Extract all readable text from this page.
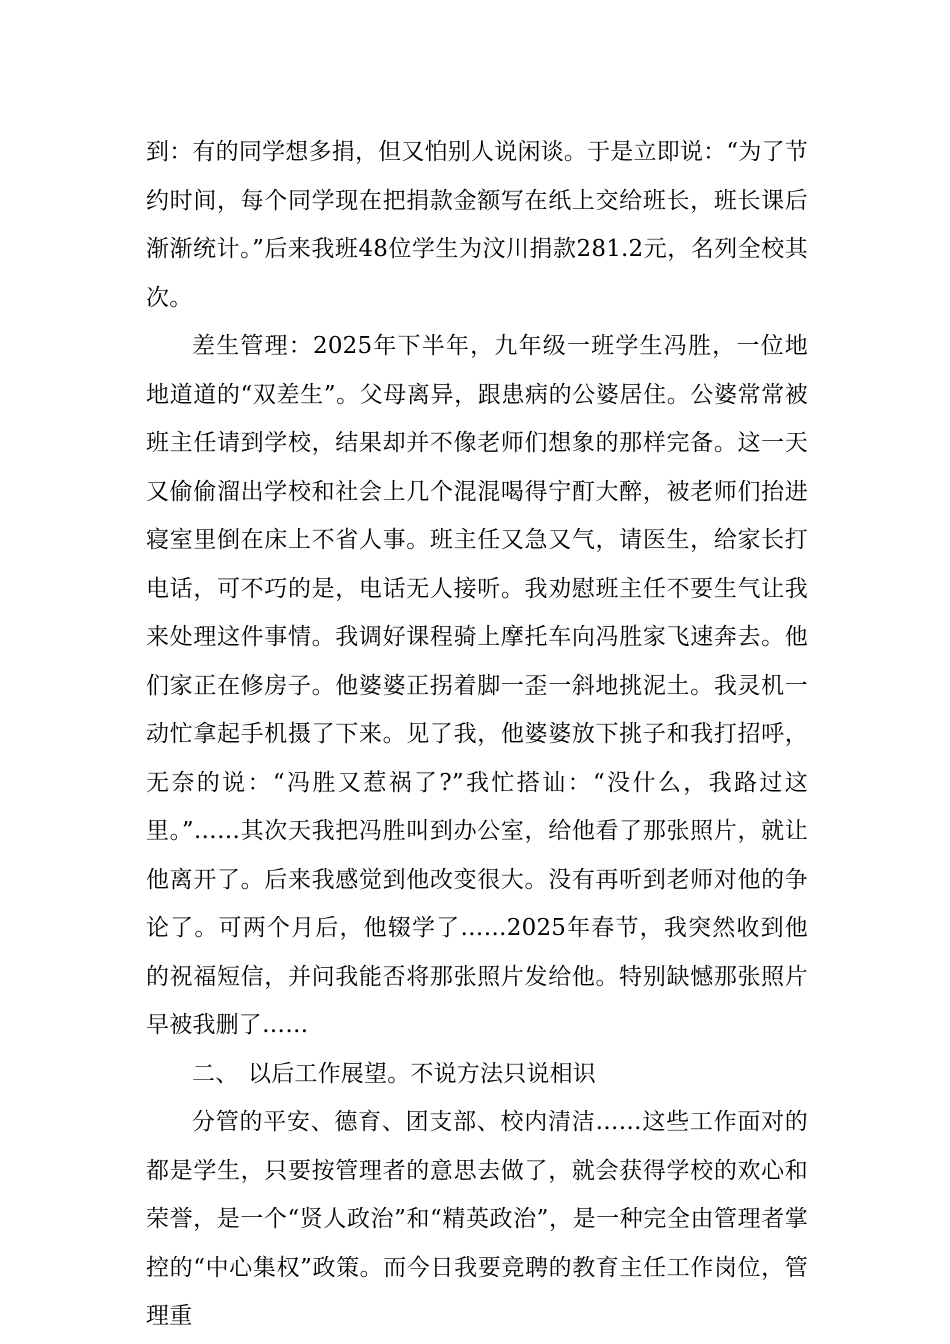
到：有的同学想多捐，但又怕别人说闲谈。于是立即说：“为了节约时间，每个同学现在把捐款金额写在纸上交给班长，班长课后渐渐统计。”后来我班48位学生为汶川捐款281.2元，名列全校其次。

差生管理：2025年下半年，九年级一班学生冯胜，一位地地道道的“双差生”。父母离异，跟患病的公婆居住。公婆常常被班主任请到学校，结果却并不像老师们想象的那样完备。这一天又偷偷溜出学校和社会上几个混混喝得宁酊大醉，被老师们抬进寝室里倒在床上不省人事。班主任又急又气，请医生，给家长打电话，可不巧的是，电话无人接听。我劝慰班主任不要生气让我来处理这件事情。我调好课程骑上摩托车向冯胜家飞速奔去。他们家正在修房子。他婆婆正拐着脚一歪一斜地挑泥土。我灵机一动忙拿起手机摄了下来。见了我，他婆婆放下挑子和我打招呼，无奈的说：“冯胜又惹祸了?”我忙搭讪：“没什么，我路过这里。”……其次天我把冯胜叫到办公室，给他看了那张照片，就让他离开了。后来我感觉到他改变很大。没有再听到老师对他的争论了。可两个月后，他辍学了……2025年春节，我突然收到他的祝福短信，并问我能否将那张照片发给他。特别缺憾那张照片早被我删了……

二、 以后工作展望。不说方法只说相识

分管的平安、德育、团支部、校内清洁……这些工作面对的都是学生，只要按管理者的意思去做了，就会获得学校的欢心和荣誉，是一个“贤人政治”和“精英政治”，是一种完全由管理者掌控的“中心集权”政策。而今日我要竞聘的教育主任工作岗位，管理重
